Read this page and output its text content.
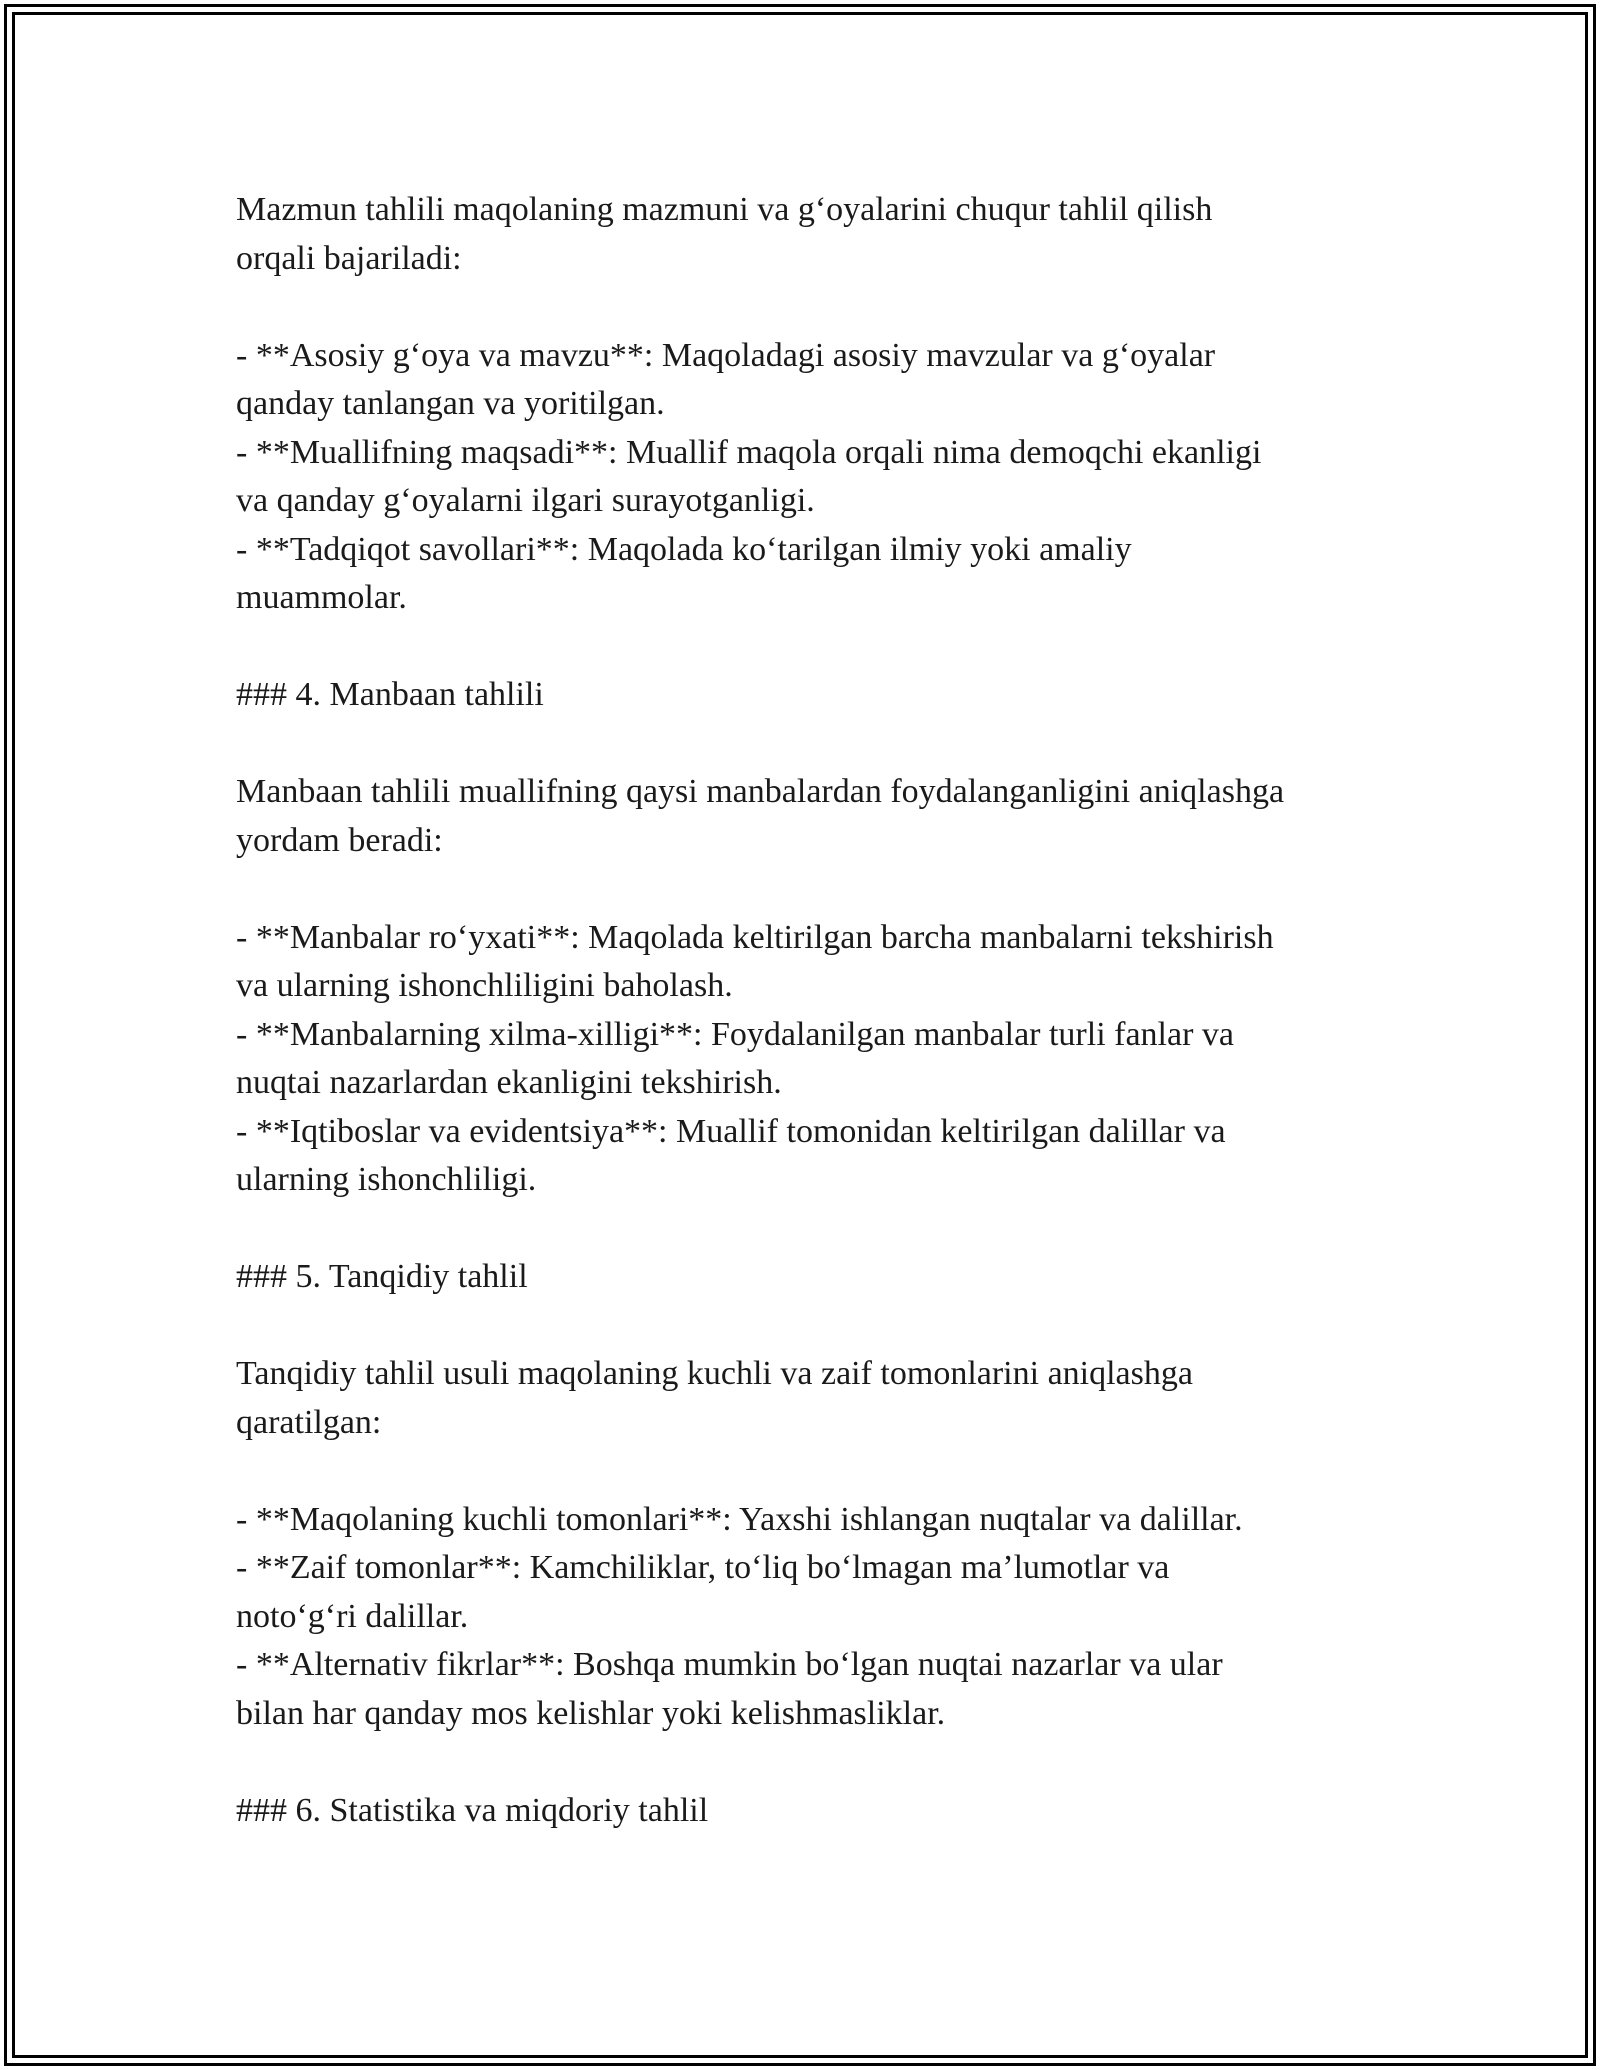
Mazmun tahlili maqolaning mazmuni va g‘oyalarini chuqur tahlil qilish

orqali bajariladi:

- **Asosiy g‘oya va mavzu**: Maqoladagi asosiy mavzular va g‘oyalar

qanday tanlangan va yoritilgan.

- **Muallifning maqsadi**: Muallif maqola orqali nima demoqchi ekanligi

va qanday g‘oyalarni ilgari surayotganligi.

- **Tadqiqot savollari**: Maqolada ko‘tarilgan ilmiy yoki amaliy

muammolar.

### 4. Manbaan tahlili

Manbaan tahlili muallifning qaysi manbalardan foydalanganligini aniqlashga

yordam beradi:

- **Manbalar ro‘yxati**: Maqolada keltirilgan barcha manbalarni tekshirish

va ularning ishonchliligini baholash.

- **Manbalarning xilma-xilligi**: Foydalanilgan manbalar turli fanlar va

nuqtai nazarlardan ekanligini tekshirish.

- **Iqtiboslar va evidentsiya**: Muallif tomonidan keltirilgan dalillar va

ularning ishonchliligi.

### 5. Tanqidiy tahlil

Tanqidiy tahlil usuli maqolaning kuchli va zaif tomonlarini aniqlashga

qaratilgan:

- **Maqolaning kuchli tomonlari**: Yaxshi ishlangan nuqtalar va dalillar.

- **Zaif tomonlar**: Kamchiliklar, to‘liq bo‘lmagan ma’lumotlar va

noto‘g‘ri dalillar.

- **Alternativ fikrlar**: Boshqa mumkin bo‘lgan nuqtai nazarlar va ular

bilan har qanday mos kelishlar yoki kelishmasliklar.

### 6. Statistika va miqdoriy tahlil
